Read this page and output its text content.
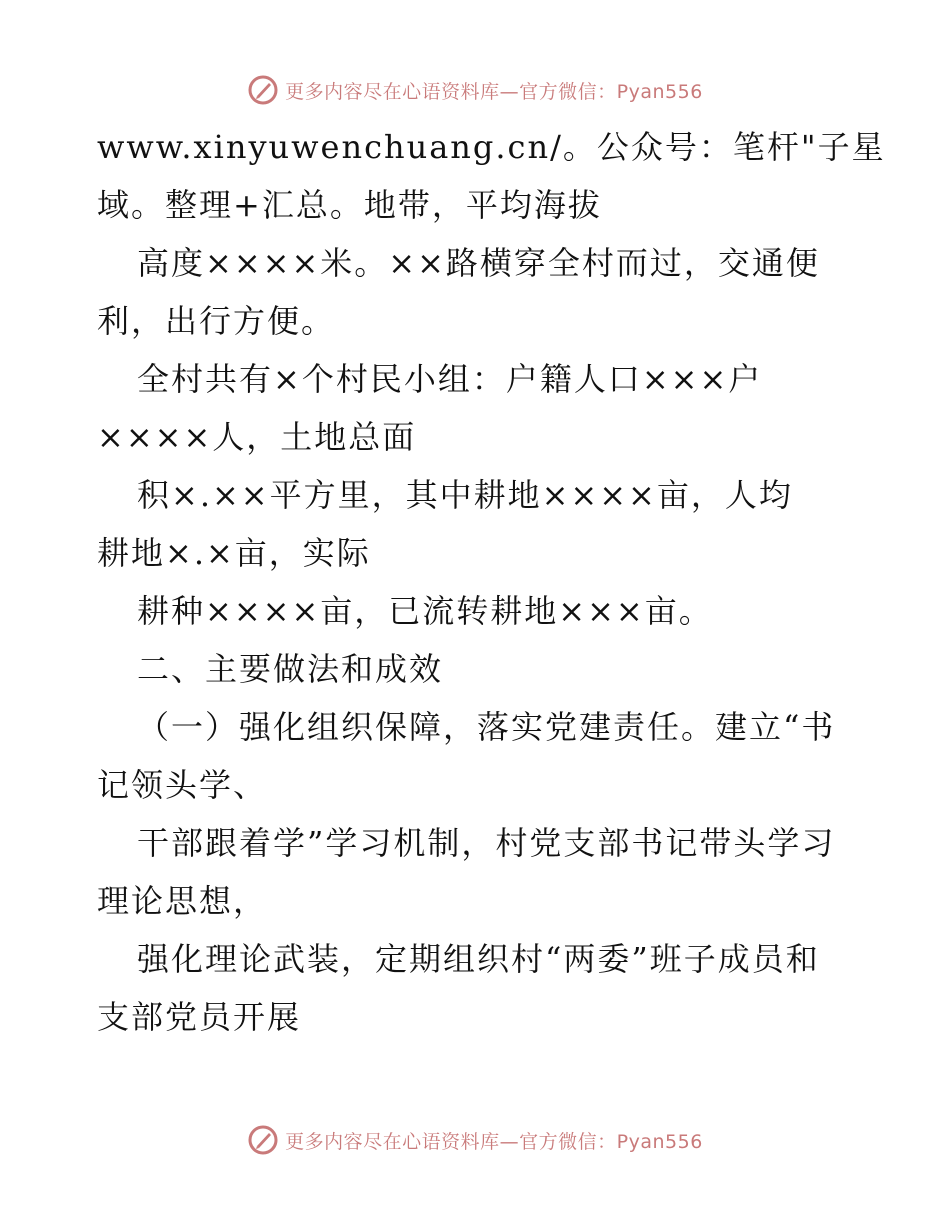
更多内容尽在心语资料库—官方微信：Pyan556
www.xinyuwenchuang.cn/。公众号：笔杆"子星
域。整理+汇总。地带，平均海拔
高度××××米。××路横穿全村而过，交通便
利，出行方便。
全村共有×个村民小组：户籍人口×××户
××××人，土地总面
积×.××平方里，其中耕地××××亩，人均
耕地×.×亩，实际
耕种××××亩，已流转耕地×××亩。
二、主要做法和成效
（一）强化组织保障，落实党建责任。建立“书
记领头学、
干部跟着学”学习机制，村党支部书记带头学习
理论思想，
强化理论武装，定期组织村“两委”班子成员和
支部党员开展
更多内容尽在心语资料库—官方微信：Pyan556
